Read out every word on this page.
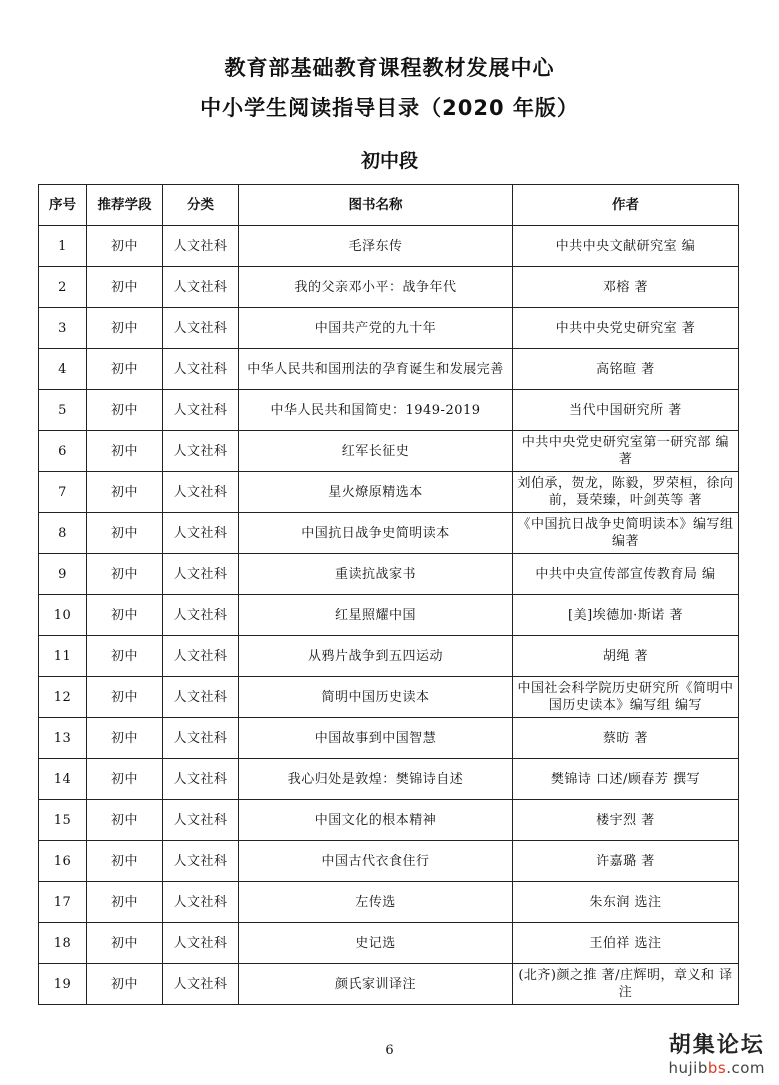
教育部基础教育课程教材发展中心
中小学生阅读指导目录（2020 年版）
初中段
序号	推荐学段	分类	图书名称	作者
1	初中	人文社科	毛泽东传	中共中央文献研究室 编
2	初中	人文社科	我的父亲邓小平：战争年代	邓榕 著
3	初中	人文社科	中国共产党的九十年	中共中央党史研究室 著
4	初中	人文社科	中华人民共和国刑法的孕育诞生和发展完善	高铭暄 著
5	初中	人文社科	中华人民共和国简史：1949-2019	当代中国研究所 著
6	初中	人文社科	红军长征史	中共中央党史研究室第一研究部 编著
7	初中	人文社科	星火燎原精选本	刘伯承，贺龙，陈毅，罗荣桓，徐向前，聂荣臻，叶剑英等 著
8	初中	人文社科	中国抗日战争史简明读本	《中国抗日战争史简明读本》编写组 编著
9	初中	人文社科	重读抗战家书	中共中央宣传部宣传教育局 编
10	初中	人文社科	红星照耀中国	[美]埃德加·斯诺 著
11	初中	人文社科	从鸦片战争到五四运动	胡绳 著
12	初中	人文社科	简明中国历史读本	中国社会科学院历史研究所《简明中国历史读本》编写组 编写
13	初中	人文社科	中国故事到中国智慧	蔡昉 著
14	初中	人文社科	我心归处是敦煌：樊锦诗自述	樊锦诗 口述/顾春芳 撰写
15	初中	人文社科	中国文化的根本精神	楼宇烈 著
16	初中	人文社科	中国古代衣食住行	许嘉璐 著
17	初中	人文社科	左传选	朱东润 选注
18	初中	人文社科	史记选	王伯祥 选注
19	初中	人文社科	颜氏家训译注	(北齐)颜之推 著/庄辉明，章义和 译注
6	胡集论坛
hujibbs.com
